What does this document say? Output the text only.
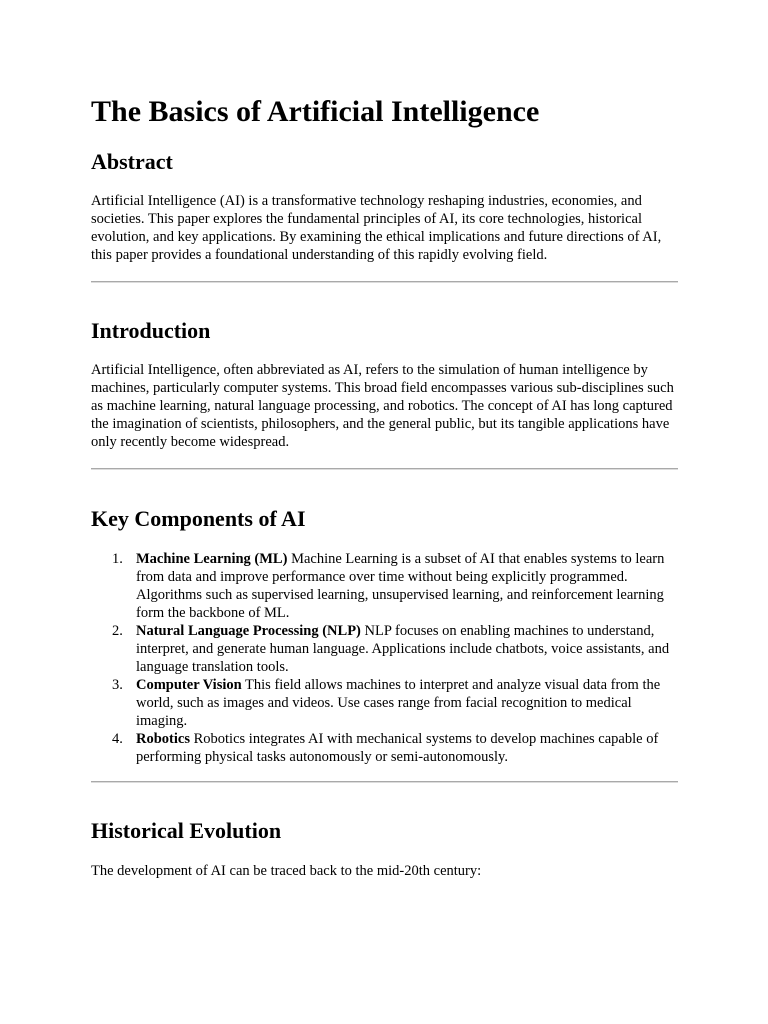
The Basics of Artificial Intelligence
Abstract

Artificial Intelligence (AI) is a transformative technology reshaping industries, economies, and societies. This paper explores the fundamental principles of AI, its core technologies, historical evolution, and key applications. By examining the ethical implications and future directions of AI, this paper provides a foundational understanding of this rapidly evolving field.

Introduction

Artificial Intelligence, often abbreviated as AI, refers to the simulation of human intelligence by machines, particularly computer systems. This broad field encompasses various sub-disciplines such as machine learning, natural language processing, and robotics. The concept of AI has long captured the imagination of scientists, philosophers, and the general public, but its tangible applications have only recently become widespread.

Key Components of AI
1. Machine Learning (ML) Machine Learning is a subset of AI that enables systems to learn from data and improve performance over time without being explicitly programmed. Algorithms such as supervised learning, unsupervised learning, and reinforcement learning form the backbone of ML.
2. Natural Language Processing (NLP) NLP focuses on enabling machines to understand, interpret, and generate human language. Applications include chatbots, voice assistants, and language translation tools.
3. Computer Vision This field allows machines to interpret and analyze visual data from the world, such as images and videos. Use cases range from facial recognition to medical imaging.
4. Robotics Robotics integrates AI with mechanical systems to develop machines capable of performing physical tasks autonomously or semi-autonomously.
Historical Evolution

The development of AI can be traced back to the mid-20th century:
